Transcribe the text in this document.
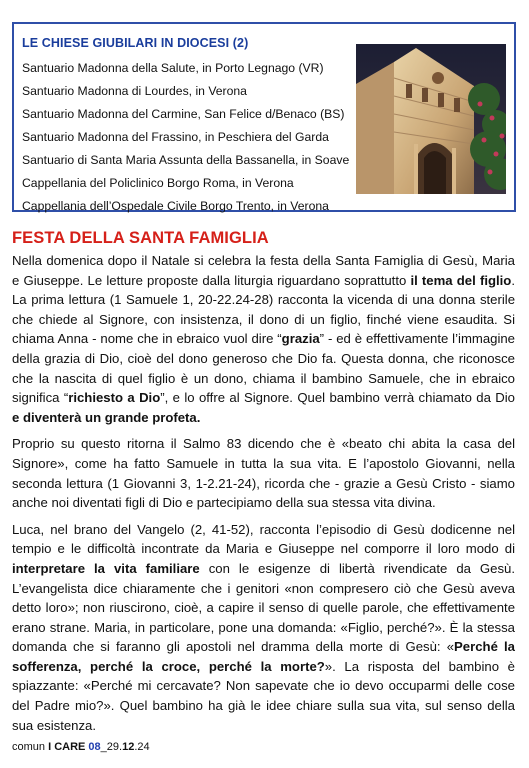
LE CHIESE GIUBILARI IN DIOCESI (2)
Santuario Madonna della Salute, in Porto Legnago (VR)
Santuario Madonna di Lourdes, in Verona
Santuario Madonna del Carmine, San Felice d/Benaco (BS)
Santuario Madonna del Frassino, in Peschiera del Garda
Santuario di Santa Maria Assunta della Bassanella, in Soave
Cappellania del Policlinico Borgo Roma, in Verona
Cappellania dell’Ospedale Civile Borgo Trento, in Verona
FESTA DELLA SANTA FAMIGLIA

Nella domenica dopo il Natale si celebra la festa della Santa Famiglia di Gesù, Maria e Giuseppe. Le letture proposte dalla liturgia riguardano soprattutto il tema del figlio. La prima lettura (1 Samuele 1, 20-22.24-28) racconta la vicenda di una donna sterile che chiede al Signore, con insistenza, il dono di un figlio, finché viene esaudita. Si chiama Anna - nome che in ebraico vuol dire “grazia” - ed è effettivamente l’immagine della grazia di Dio, cioè del dono generoso che Dio fa. Questa donna, che riconosce che la nascita di quel figlio è un dono, chiama il bambino Samuele, che in ebraico significa “richiesto a Dio”, e lo offre al Signore. Quel bambino verrà chiamato da Dio e diventerà un grande profeta.

Proprio su questo ritorna il Salmo 83 dicendo che è «beato chi abita la casa del Signore», come ha fatto Samuele in tutta la sua vita. E l’apostolo Giovanni, nella seconda lettura (1 Giovanni 3, 1-2.21-24), ricorda che - grazie a Gesù Cristo - siamo anche noi diventati figli di Dio e partecipiamo della sua stessa vita divina.

Luca, nel brano del Vangelo (2, 41-52), racconta l’episodio di Gesù dodicenne nel tempio e le difficoltà incontrate da Maria e Giuseppe nel comporre il loro modo di interpretare la vita familiare con le esigenze di libertà rivendicate da Gesù. L’evangelista dice chiaramente che i genitori «non compresero ciò che Gesù aveva detto loro»; non riuscirono, cioè, a capire il senso di quelle parole, che effettivamente erano strane. Maria, in particolare, pone una domanda: «Figlio, perché?». È la stessa domanda che si faranno gli apostoli nel dramma della morte di Gesù: «Perché la sofferenza, perché la croce, perché la morte?». La risposta del bambino è spiazzante: «Perché mi cercavate? Non sapevate che io devo occuparmi delle cose del Padre mio?». Quel bambino ha già le idee chiare sulla sua vita, sul senso della sua esistenza.

comun I CARE 08_29.12.24
